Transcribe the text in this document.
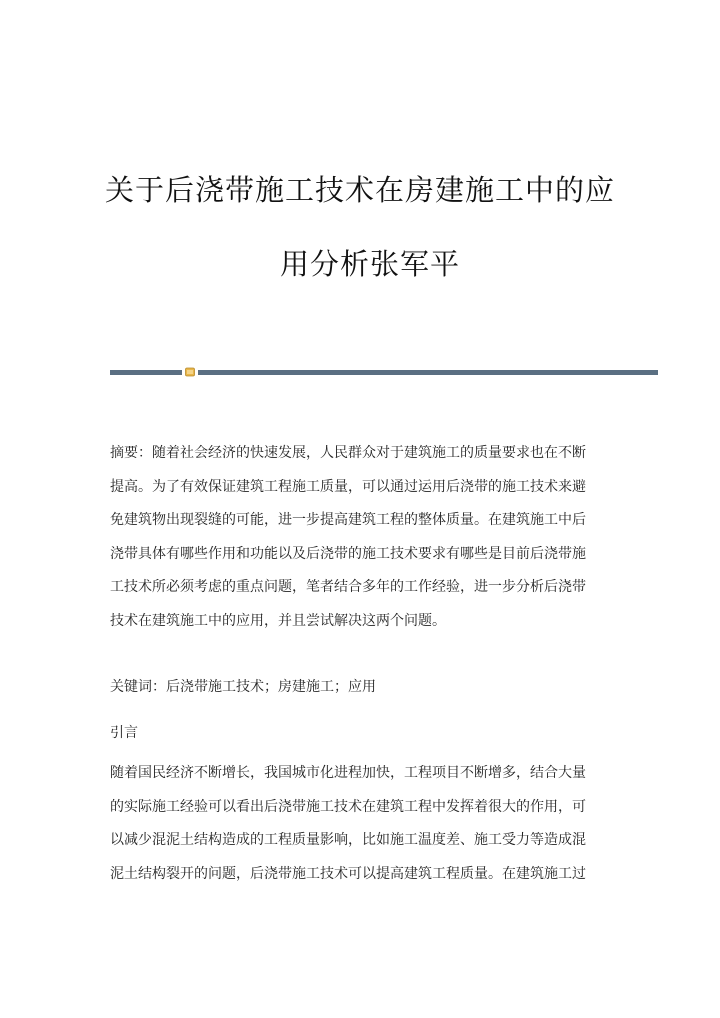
关于后浇带施工技术在房建施工中的应
用分析张军平
摘要：随着社会经济的快速发展，人民群众对于建筑施工的质量要求也在不断
提高。为了有效保证建筑工程施工质量，可以通过运用后浇带的施工技术来避
免建筑物出现裂缝的可能，进一步提高建筑工程的整体质量。在建筑施工中后
浇带具体有哪些作用和功能以及后浇带的施工技术要求有哪些是目前后浇带施
工技术所必须考虑的重点问题，笔者结合多年的工作经验，进一步分析后浇带
技术在建筑施工中的应用，并且尝试解决这两个问题。

关键词：后浇带施工技术；房建施工；应用

引言

随着国民经济不断增长，我国城市化进程加快，工程项目不断增多，结合大量
的实际施工经验可以看出后浇带施工技术在建筑工程中发挥着很大的作用，可
以减少混泥土结构造成的工程质量影响，比如施工温度差、施工受力等造成混
泥土结构裂开的问题，后浇带施工技术可以提高建筑工程质量。在建筑施工过
